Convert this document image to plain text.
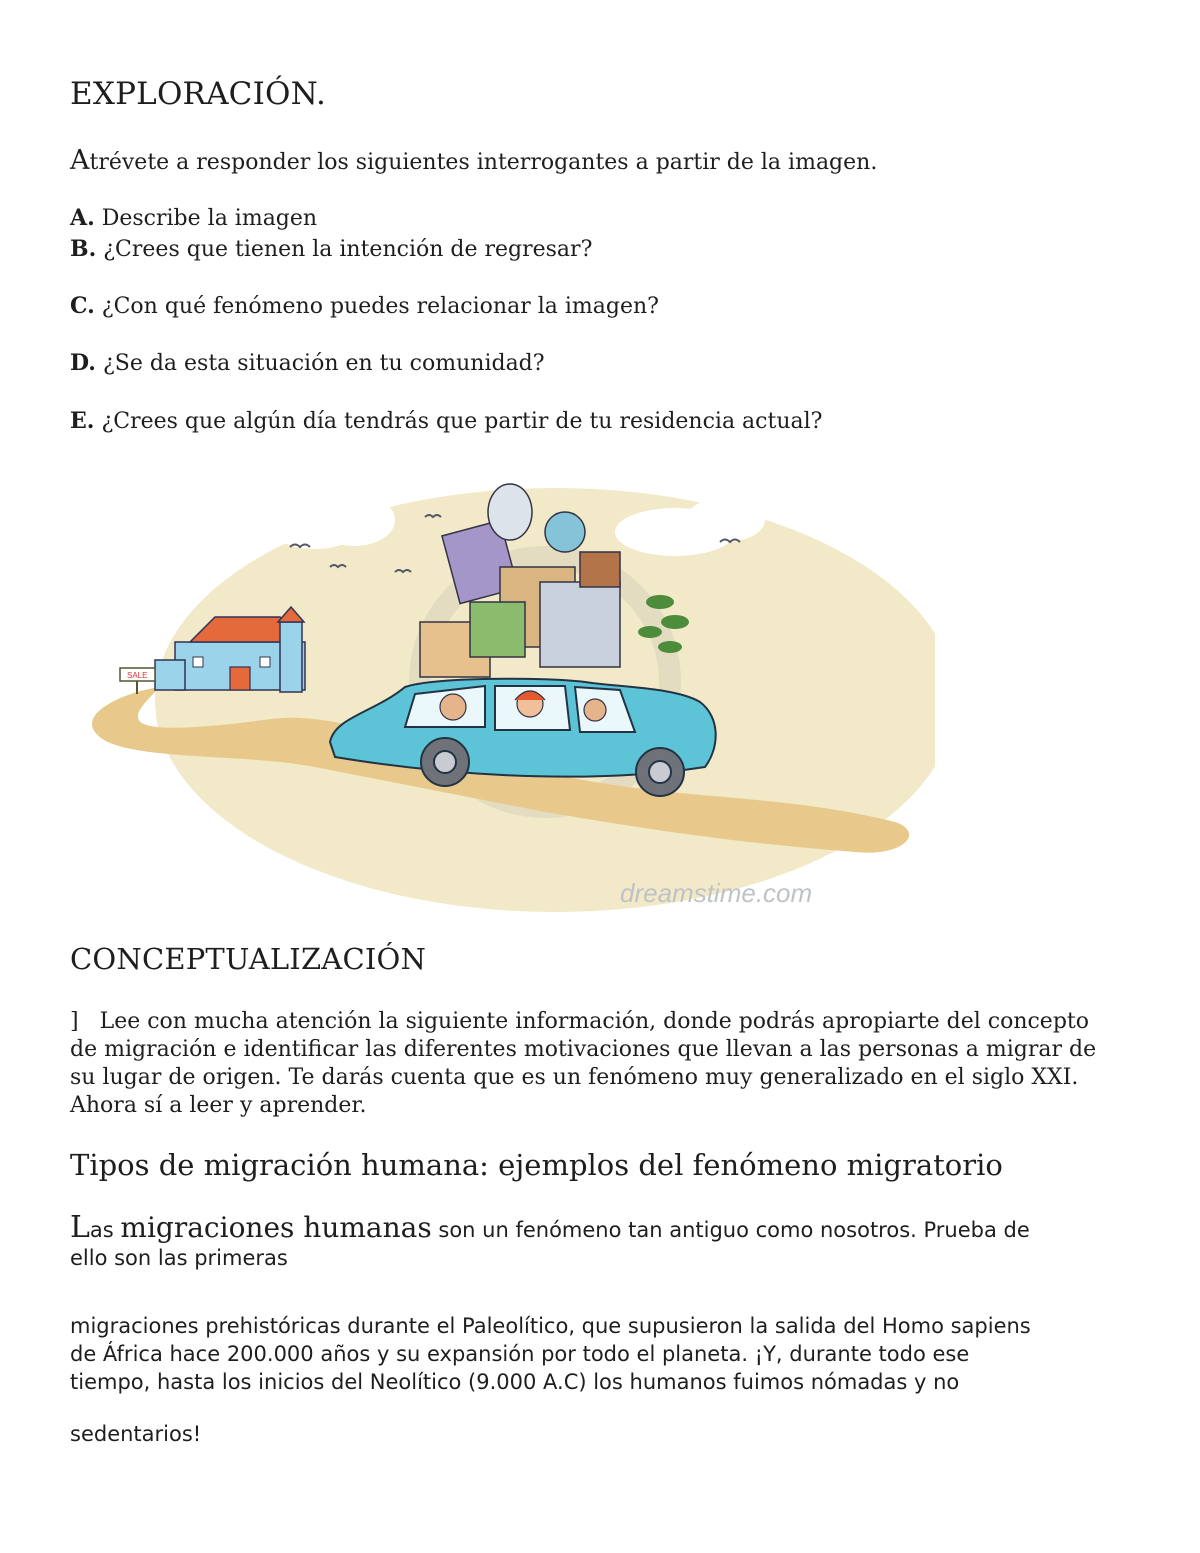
EXPLORACIÓN.
Atrévete a responder los siguientes interrogantes a partir de la imagen.
A. Describe la imagen
B. ¿Crees que tienen la intención de regresar?
C. ¿Con qué fenómeno puedes relacionar la imagen?
D. ¿Se da esta situación en tu comunidad?
E. ¿Crees que algún día tendrás que partir de tu residencia actual?
SALE
dreamstime.com
CONCEPTUALIZACIÓN
] Lee con mucha atención la siguiente información, donde podrás apropiarte del concepto
de migración e identificar las diferentes motivaciones que llevan a las personas a migrar de
su lugar de origen. Te darás cuenta que es un fenómeno muy generalizado en el siglo XXI.
Ahora sí a leer y aprender.
Tipos de migración humana: ejemplos del fenómeno migratorio
Las migraciones humanas son un fenómeno tan antiguo como nosotros. Prueba de
ello son las primeras
migraciones prehistóricas durante el Paleolítico, que supusieron la salida del Homo sapiens
de África hace 200.000 años y su expansión por todo el planeta. ¡Y, durante todo ese
tiempo, hasta los inicios del Neolítico (9.000 A.C) los humanos fuimos nómadas y no
sedentarios!
